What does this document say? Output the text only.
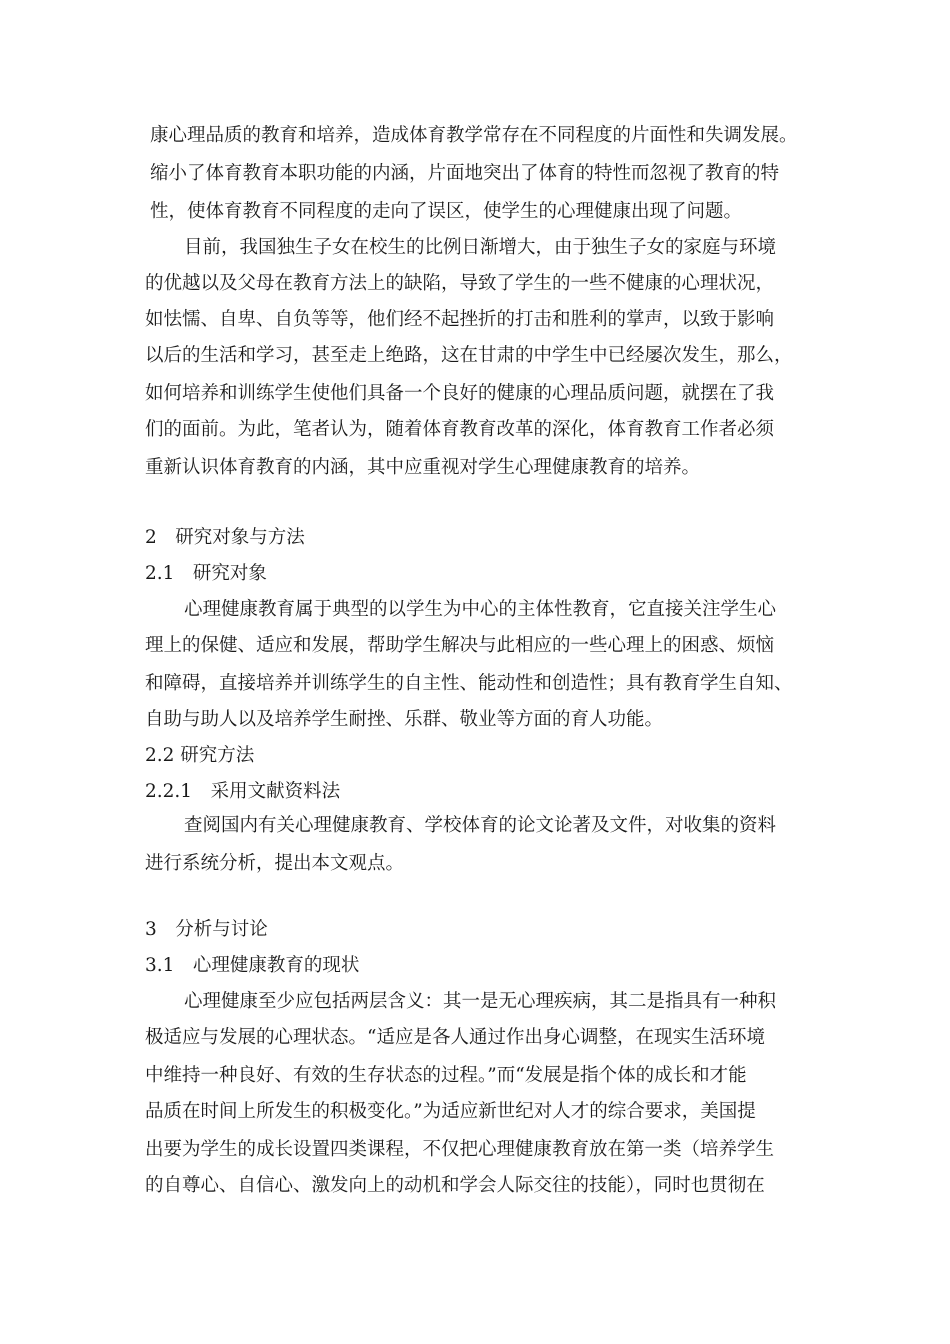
康心理品质的教育和培养，造成体育教学常存在不同程度的片面性和失调发展。
缩小了体育教育本职功能的内涵，片面地突出了体育的特性而忽视了教育的特
性，使体育教育不同程度的走向了误区，使学生的心理健康出现了问题。
目前，我国独生子女在校生的比例日渐增大，由于独生子女的家庭与环境
的优越以及父母在教育方法上的缺陷，导致了学生的一些不健康的心理状况，
如怯懦、自卑、自负等等，他们经不起挫折的打击和胜利的掌声，以致于影响
以后的生活和学习，甚至走上绝路，这在甘肃的中学生中已经屡次发生，那么，
如何培养和训练学生使他们具备一个良好的健康的心理品质问题，就摆在了我
们的面前。为此，笔者认为，随着体育教育改革的深化，体育教育工作者必须
重新认识体育教育的内涵，其中应重视对学生心理健康教育的培养。
2　研究对象与方法
2.1　研究对象
心理健康教育属于典型的以学生为中心的主体性教育，它直接关注学生心
理上的保健、适应和发展，帮助学生解决与此相应的一些心理上的困惑、烦恼
和障碍，直接培养并训练学生的自主性、能动性和创造性；具有教育学生自知、
自助与助人以及培养学生耐挫、乐群、敬业等方面的育人功能。
2.2 研究方法
2.2.1　采用文献资料法
查阅国内有关心理健康教育、学校体育的论文论著及文件，对收集的资料
进行系统分析，提出本文观点。
3　分析与讨论
3.1　心理健康教育的现状
心理健康至少应包括两层含义：其一是无心理疾病，其二是指具有一种积
极适应与发展的心理状态。“适应是各人通过作出身心调整，在现实生活环境
中维持一种良好、有效的生存状态的过程。”而“发展是指个体的成长和才能
品质在时间上所发生的积极变化。”为适应新世纪对人才的综合要求，美国提
出要为学生的成长设置四类课程，不仅把心理健康教育放在第一类（培养学生
的自尊心、自信心、激发向上的动机和学会人际交往的技能），同时也贯彻在
